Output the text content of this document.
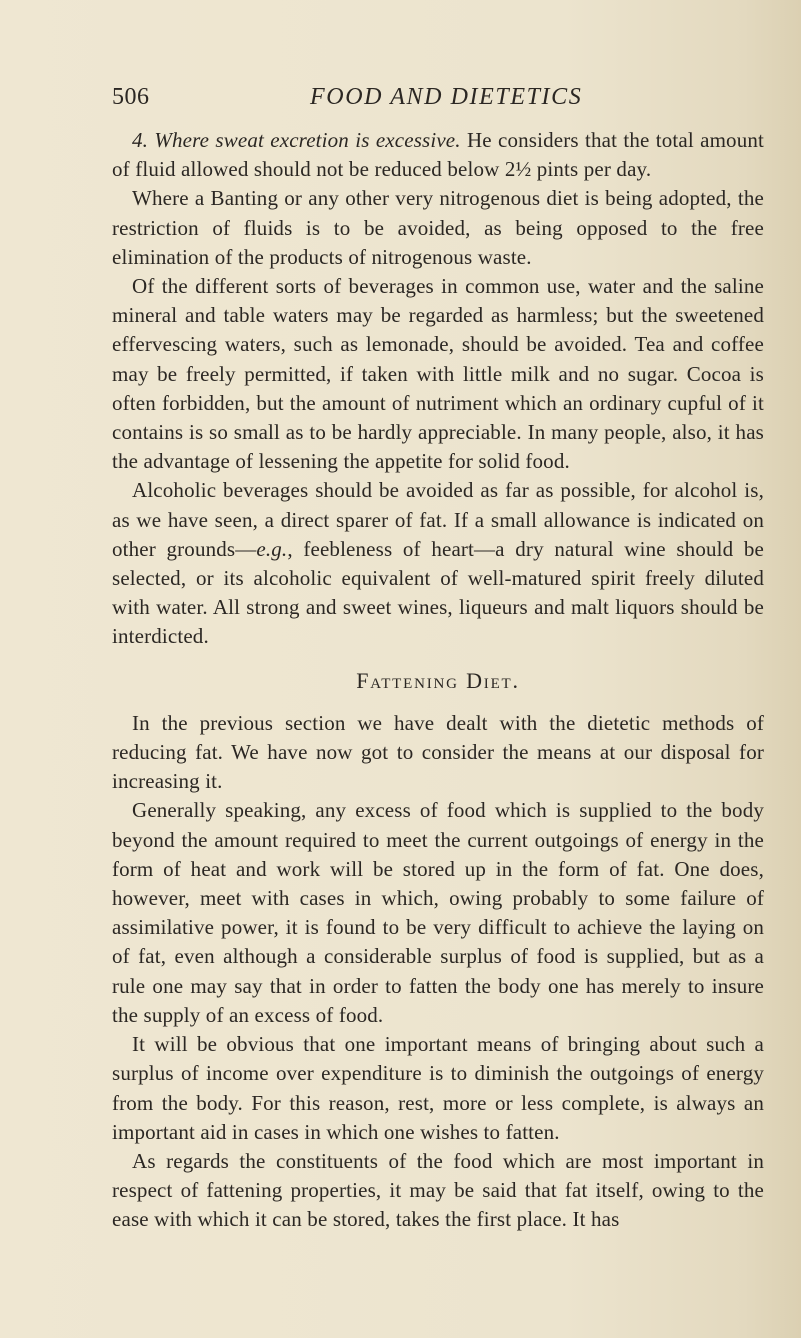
506	FOOD AND DIETETICS

4. Where sweat excretion is excessive. He considers that the total amount of fluid allowed should not be reduced below 2½ pints per day.

Where a Banting or any other very nitrogenous diet is being adopted, the restriction of fluids is to be avoided, as being opposed to the free elimination of the products of nitrogenous waste.

Of the different sorts of beverages in common use, water and the saline mineral and table waters may be regarded as harmless; but the sweetened effervescing waters, such as lemonade, should be avoided. Tea and coffee may be freely permitted, if taken with little milk and no sugar. Cocoa is often forbidden, but the amount of nutriment which an ordinary cupful of it contains is so small as to be hardly appreciable. In many people, also, it has the advantage of lessening the appetite for solid food.

Alcoholic beverages should be avoided as far as possible, for alcohol is, as we have seen, a direct sparer of fat. If a small allowance is indicated on other grounds—e.g., feebleness of heart—a dry natural wine should be selected, or its alcoholic equivalent of well-matured spirit freely diluted with water. All strong and sweet wines, liqueurs and malt liquors should be interdicted.

Fattening Diet.

In the previous section we have dealt with the dietetic methods of reducing fat. We have now got to consider the means at our disposal for increasing it.

Generally speaking, any excess of food which is supplied to the body beyond the amount required to meet the current outgoings of energy in the form of heat and work will be stored up in the form of fat. One does, however, meet with cases in which, owing probably to some failure of assimilative power, it is found to be very difficult to achieve the laying on of fat, even although a considerable surplus of food is supplied, but as a rule one may say that in order to fatten the body one has merely to insure the supply of an excess of food.

It will be obvious that one important means of bringing about such a surplus of income over expenditure is to diminish the outgoings of energy from the body. For this reason, rest, more or less complete, is always an important aid in cases in which one wishes to fatten.

As regards the constituents of the food which are most important in respect of fattening properties, it may be said that fat itself, owing to the ease with which it can be stored, takes the first place. It has
